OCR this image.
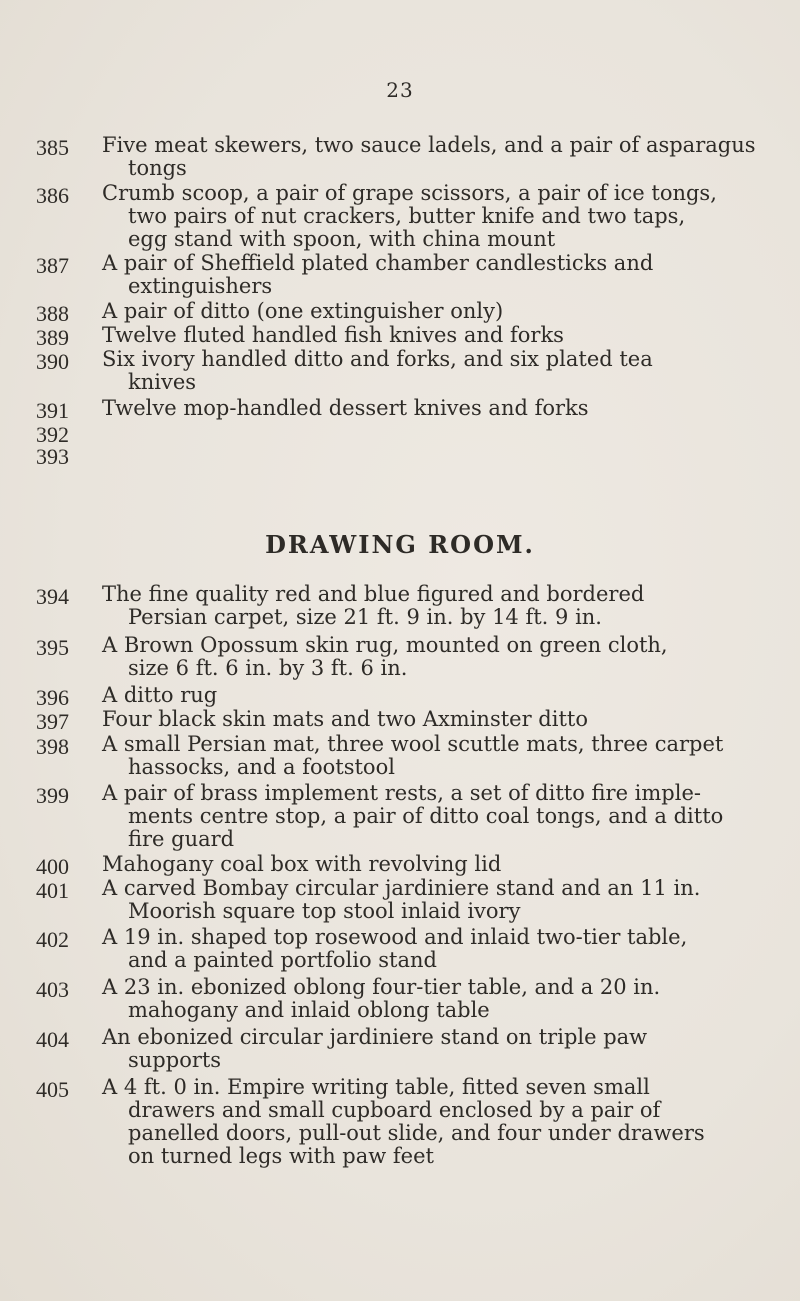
23
385	Five meat skewers, two sauce ladels, and a pair of asparagus
tongs
386	Crumb scoop, a pair of grape scissors, a pair of ice tongs,
two pairs of nut crackers, butter knife and two taps,
egg stand with spoon, with china mount
387	A pair of Sheffield plated chamber candlesticks and
extinguishers
388	A pair of ditto (one extinguisher only)
389	Twelve fluted handled fish knives and forks
390	Six ivory handled ditto and forks, and six plated tea
knives
391	Twelve mop-handled dessert knives and forks
392
393
DRAWING ROOM.
394	The fine quality red and blue figured and bordered
Persian carpet, size 21 ft. 9 in. by 14 ft. 9 in.
395	A Brown Opossum skin rug, mounted on green cloth,
size 6 ft. 6 in. by 3 ft. 6 in.
396	A ditto rug
397	Four black skin mats and two Axminster ditto
398	A small Persian mat, three wool scuttle mats, three carpet
hassocks, and a footstool
399	A pair of brass implement rests, a set of ditto fire imple-
ments centre stop, a pair of ditto coal tongs, and a ditto
fire guard
400	Mahogany coal box with revolving lid
401	A carved Bombay circular jardiniere stand and an 11 in.
Moorish square top stool inlaid ivory
402	A 19 in. shaped top rosewood and inlaid two-tier table,
and a painted portfolio stand
403	A 23 in. ebonized oblong four-tier table, and a 20 in.
mahogany and inlaid oblong table
404	An ebonized circular jardiniere stand on triple paw
supports
405	A 4 ft. 0 in. Empire writing table, fitted seven small
drawers and small cupboard enclosed by a pair of
panelled doors, pull-out slide, and four under drawers
on turned legs with paw feet
